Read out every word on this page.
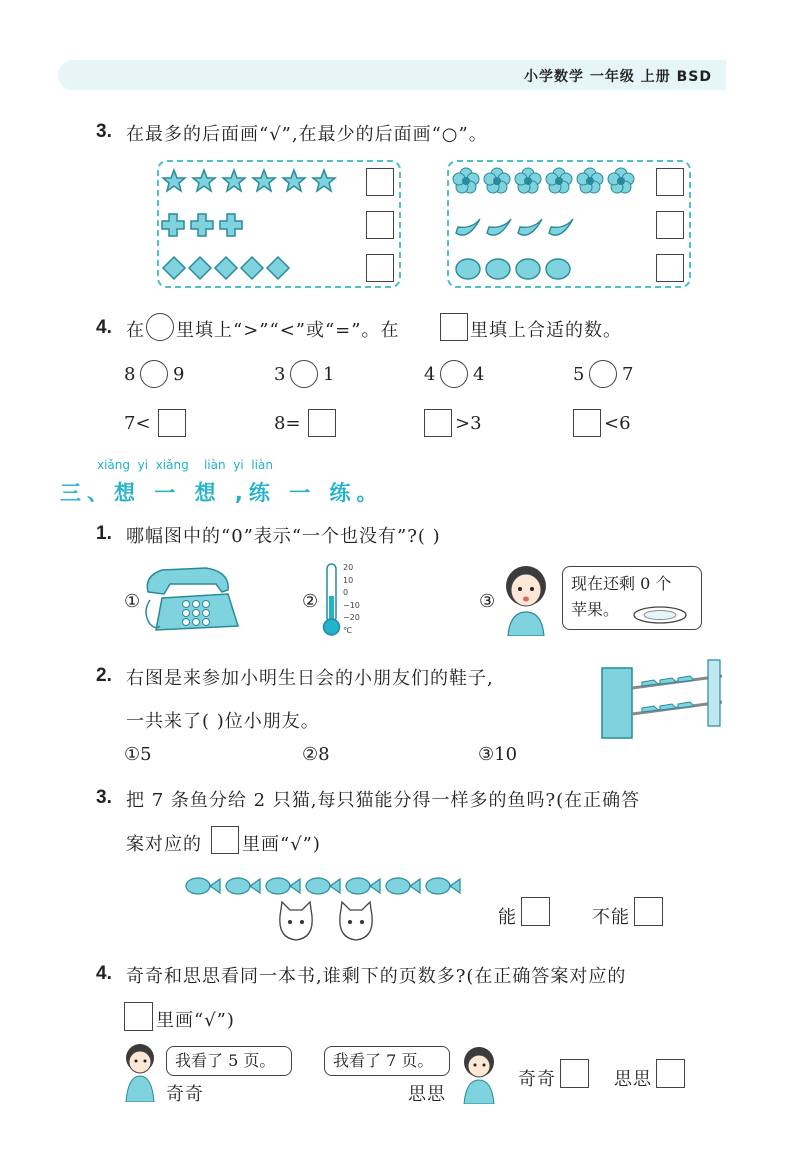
小学数学 一年级 上册 BSD
3. 在最多的后面画“√”,在最少的后面画“○”。
4. 在 里填上“>”“<”或“=”。在	里填上合适的数。
8 9	3 1	4 4	5 7
7<	8=	>3	<6
xiǎng  yi  xiǎng    liàn  yi  liàn
三、想 一 想 ,练 一 练。
1. 哪幅图中的“0”表示“一个也没有”?( )
①	②
20
10
0
−10
−20
℃
③
现在还剩 0 个
苹果。
2. 右图是来参加小明生日会的小朋友们的鞋子,
一共来了( )位小朋友。
①5	②8	③10
3. 把 7 条鱼分给 2 只猫,每只猫能分得一样多的鱼吗?(在正确答
案对应的 里画“√”)
能	不能
4. 奇奇和思思看同一本书,谁剩下的页数多?(在正确答案对应的
里画“√”)
我看了 5 页。
奇奇
我看了 7 页。
思思
奇奇	思思
